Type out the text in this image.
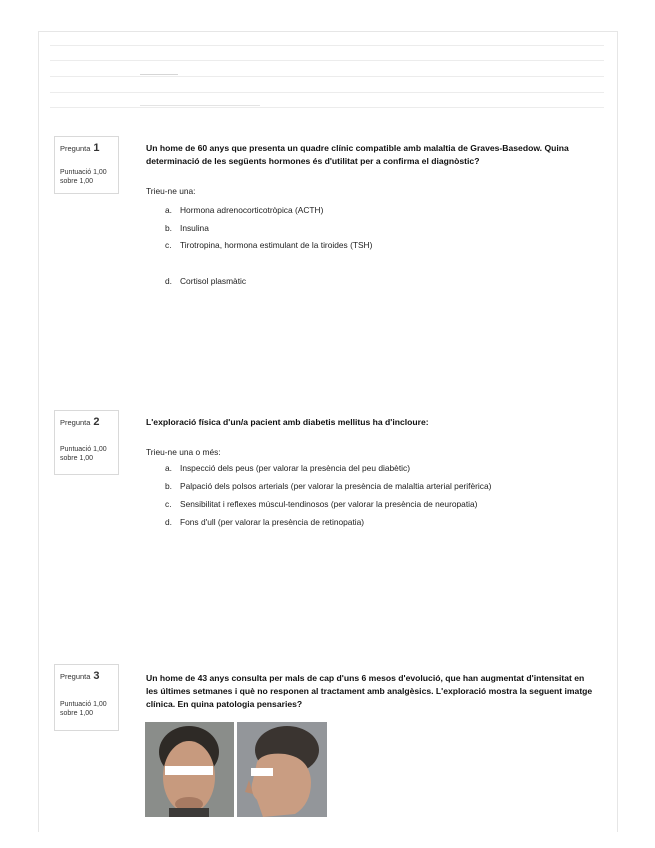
Pregunta 1
Puntuació 1,00
sobre 1,00
Un home de 60 anys que presenta un quadre clínic compatible amb malaltia de Graves-Basedow. Quina determinació de les següents hormones és d'utilitat per a confirma el diagnòstic?
Trieu-ne una:
a. Hormona adrenocorticotròpica (ACTH)
b. Insulina
c. Tirotropina, hormona estimulant de la tiroides (TSH)
d. Cortisol plasmàtic
Pregunta 2
Puntuació 1,00
sobre 1,00
L'exploració física d'un/a pacient amb diabetis mellitus ha d'incloure:
Trieu-ne una o més:
a. Inspecció dels peus (per valorar la presència del peu diabètic)
b. Palpació dels polsos arterials (per valorar la presència de malaltia arterial perifèrica)
c. Sensibilitat i reflexes múscul-tendinosos (per valorar la presència de neuropatia)
d. Fons d'ull (per valorar la presència de retinopatia)
Pregunta 3
Puntuació 1,00
sobre 1,00
Un home de 43 anys consulta per mals de cap d'uns 6 mesos d'evolució, que han augmentat d'intensitat en les últimes setmanes i què no responen al tractament amb analgèsics. L'exploració mostra la seguent imatge clínica. En quina patologia pensaries?
